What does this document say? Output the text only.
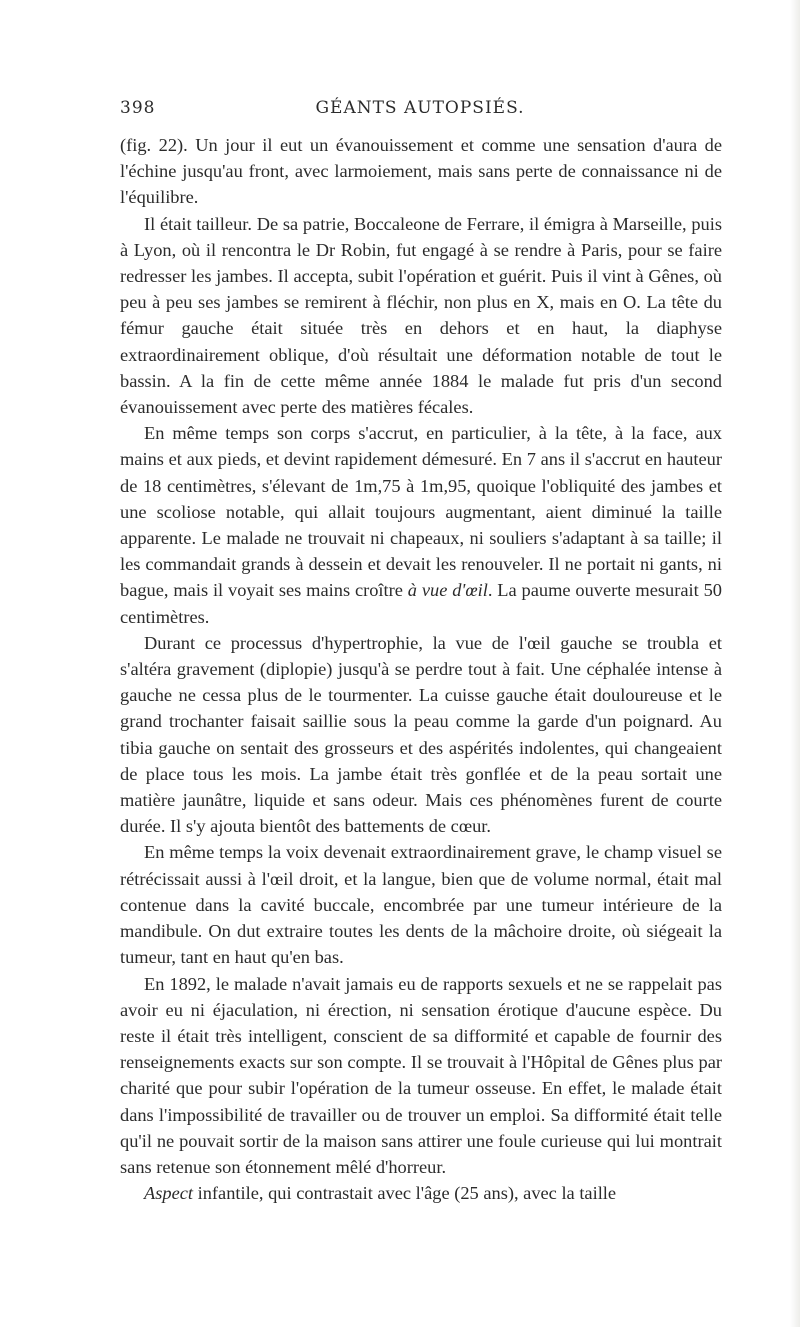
398	GÉANTS AUTOPSIÉS.

(fig. 22). Un jour il eut un évanouissement et comme une sensation d'aura de l'échine jusqu'au front, avec larmoiement, mais sans perte de connaissance ni de l'équilibre.

Il était tailleur. De sa patrie, Boccaleone de Ferrare, il émigra à Marseille, puis à Lyon, où il rencontra le Dr Robin, fut engagé à se rendre à Paris, pour se faire redresser les jambes. Il accepta, subit l'opération et guérit. Puis il vint à Gênes, où peu à peu ses jambes se remirent à fléchir, non plus en X, mais en O. La tête du fémur gauche était située très en dehors et en haut, la diaphyse extraordinairement oblique, d'où résultait une déformation notable de tout le bassin. A la fin de cette même année 1884 le malade fut pris d'un second évanouissement avec perte des matières fécales.

En même temps son corps s'accrut, en particulier, à la tête, à la face, aux mains et aux pieds, et devint rapidement démesuré. En 7 ans il s'accrut en hauteur de 18 centimètres, s'élevant de 1m,75 à 1m,95, quoique l'obliquité des jambes et une scoliose notable, qui allait toujours augmentant, aient diminué la taille apparente. Le malade ne trouvait ni chapeaux, ni souliers s'adaptant à sa taille; il les commandait grands à dessein et devait les renouveler. Il ne portait ni gants, ni bague, mais il voyait ses mains croître à vue d'œil. La paume ouverte mesurait 50 centimètres.

Durant ce processus d'hypertrophie, la vue de l'œil gauche se troubla et s'altéra gravement (diplopie) jusqu'à se perdre tout à fait. Une céphalée intense à gauche ne cessa plus de le tourmenter. La cuisse gauche était douloureuse et le grand trochanter faisait saillie sous la peau comme la garde d'un poignard. Au tibia gauche on sentait des grosseurs et des aspérités indolentes, qui changeaient de place tous les mois. La jambe était très gonflée et de la peau sortait une matière jaunâtre, liquide et sans odeur. Mais ces phénomènes furent de courte durée. Il s'y ajouta bientôt des battements de cœur.

En même temps la voix devenait extraordinairement grave, le champ visuel se rétrécissait aussi à l'œil droit, et la langue, bien que de volume normal, était mal contenue dans la cavité buccale, encombrée par une tumeur intérieure de la mandibule. On dut extraire toutes les dents de la mâchoire droite, où siégeait la tumeur, tant en haut qu'en bas.

En 1892, le malade n'avait jamais eu de rapports sexuels et ne se rappelait pas avoir eu ni éjaculation, ni érection, ni sensation érotique d'aucune espèce. Du reste il était très intelligent, conscient de sa difformité et capable de fournir des renseignements exacts sur son compte. Il se trouvait à l'Hôpital de Gênes plus par charité que pour subir l'opération de la tumeur osseuse. En effet, le malade était dans l'impossibilité de travailler ou de trouver un emploi. Sa difformité était telle qu'il ne pouvait sortir de la maison sans attirer une foule curieuse qui lui montrait sans retenue son étonnement mêlé d'horreur.

Aspect infantile, qui contrastait avec l'âge (25 ans), avec la taille
